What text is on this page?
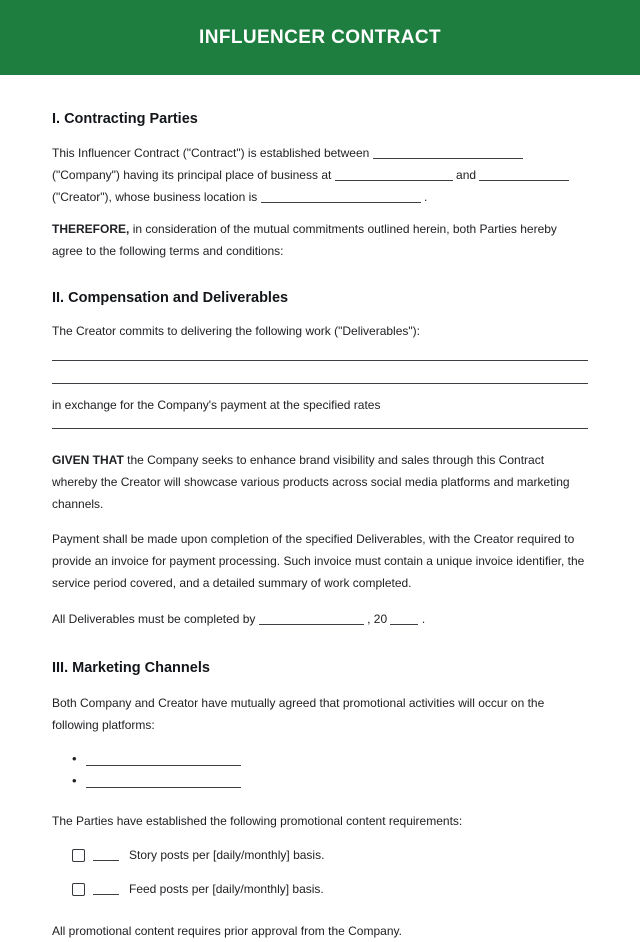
INFLUENCER CONTRACT
I. Contracting Parties

This Influencer Contract ("Contract") is established between  ("Company") having its principal place of business at	and  ("Creator"), whose business location is	.

THEREFORE, in consideration of the mutual commitments outlined herein, both Parties hereby agree to the following terms and conditions:

II. Compensation and Deliverables

The Creator commits to delivering the following work ("Deliverables"):

in exchange for the Company's payment at the specified rates

GIVEN THAT the Company seeks to enhance brand visibility and sales through this Contract whereby the Creator will showcase various products across social media platforms and marketing channels.

Payment shall be made upon completion of the specified Deliverables, with the Creator required to provide an invoice for payment processing. Such invoice must contain a unique invoice identifier, the service period covered, and a detailed summary of work completed.

All Deliverables must be completed by	, 20	.

III. Marketing Channels

Both Company and Creator have mutually agreed that promotional activities will occur on the following platforms:

•
•

The Parties have established the following promotional content requirements:

Story posts per [daily/monthly] basis.
Feed posts per [daily/monthly] basis.

All promotional content requires prior approval from the Company.
